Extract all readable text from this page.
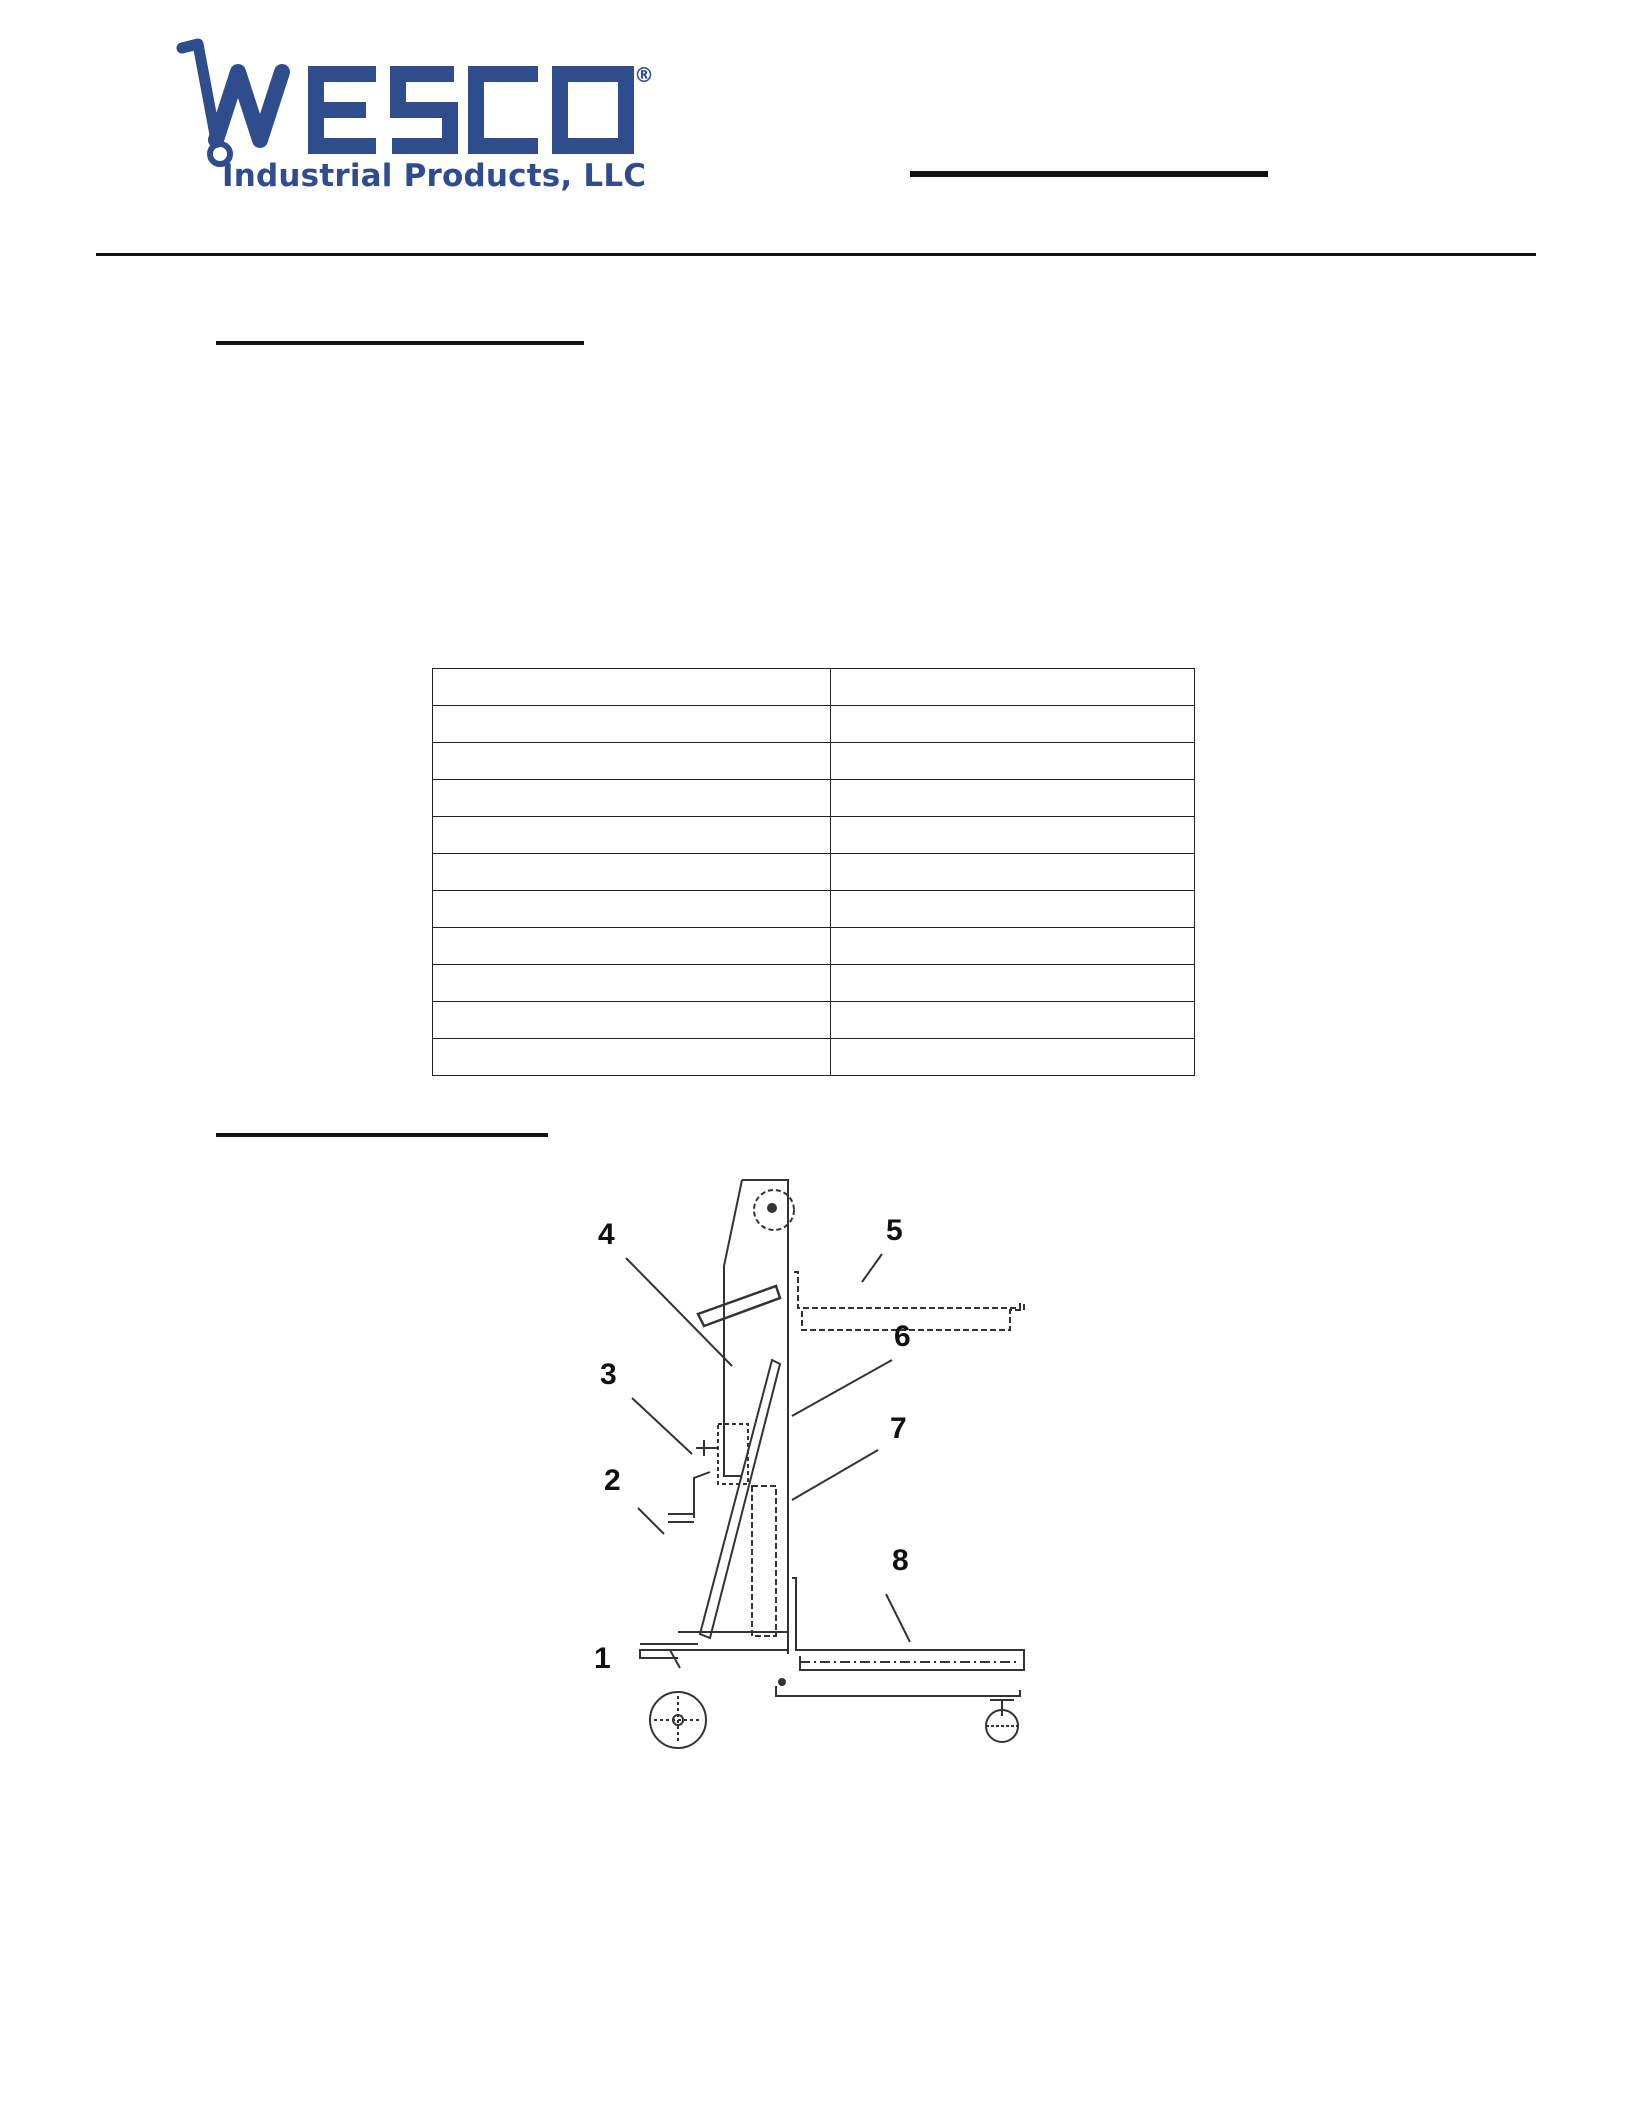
®
Industrial Products, LLC

1
2
3
4	5
6
7
8
